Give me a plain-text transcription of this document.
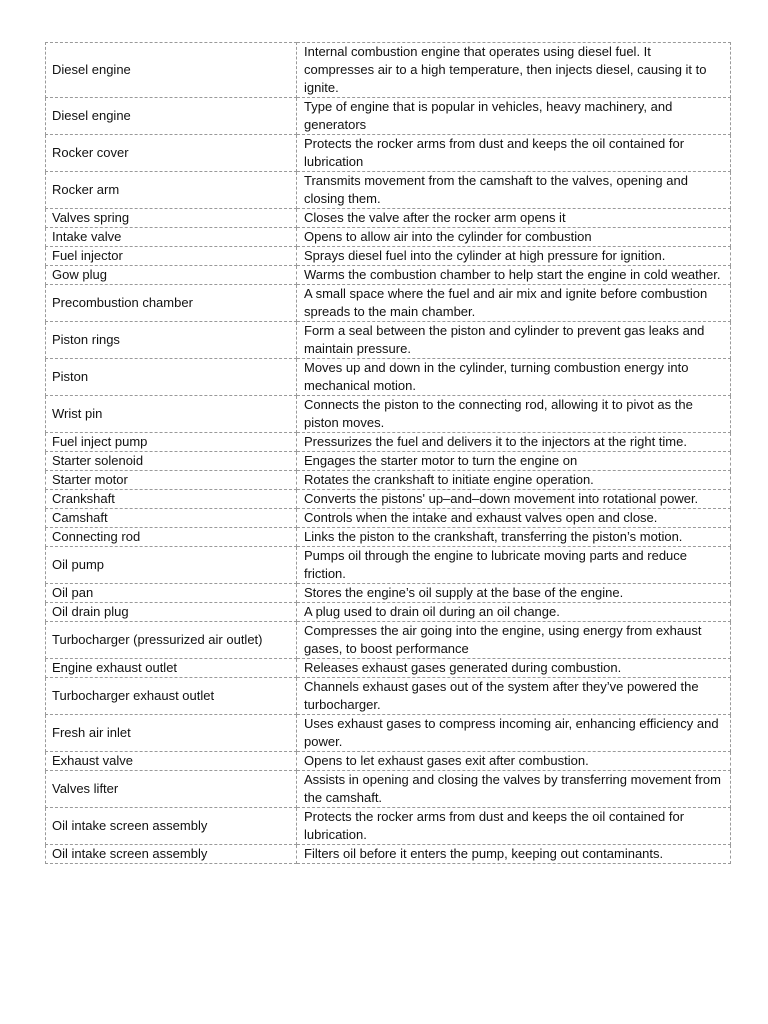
Diesel engine	Internal combustion engine that operates using diesel fuel. It compresses air to a high temperature, then injects diesel, causing it to ignite.
Diesel engine	Type of engine that is popular in vehicles, heavy machinery, and generators
Rocker cover	Protects the rocker arms from dust and keeps the oil contained for lubrication
Rocker arm	Transmits movement from the camshaft to the valves, opening and closing them.
Valves spring	Closes the valve after the rocker arm opens it
Intake valve	Opens to allow air into the cylinder for combustion
Fuel injector	Sprays diesel fuel into the cylinder at high pressure for ignition.
Gow plug	Warms the combustion chamber to help start the engine in cold weather.
Precombustion chamber	A small space where the fuel and air mix and ignite before combustion spreads to the main chamber.
Piston rings	Form a seal between the piston and cylinder to prevent gas leaks and maintain pressure.
Piston	Moves up and down in the cylinder, turning combustion energy into mechanical motion.
Wrist pin	Connects the piston to the connecting rod, allowing it to pivot as the piston moves.
Fuel inject pump	Pressurizes the fuel and delivers it to the injectors at the right time.
Starter solenoid	Engages the starter motor to turn the engine on
Starter motor	Rotates the crankshaft to initiate engine operation.
Crankshaft	Converts the pistons' up–and–down movement into rotational power.
Camshaft	Controls when the intake and exhaust valves open and close.
Connecting rod	Links the piston to the crankshaft, transferring the piston’s motion.
Oil pump	Pumps oil through the engine to lubricate moving parts and reduce friction.
Oil pan	Stores the engine’s oil supply at the base of the engine.
Oil drain plug	A plug used to drain oil during an oil change.
Turbocharger (pressurized air outlet)	Compresses the air going into the engine, using energy from exhaust gases, to boost performance
Engine exhaust outlet	Releases exhaust gases generated during combustion.
Turbocharger exhaust outlet	Channels exhaust gases out of the system after they’ve powered the turbocharger.
Fresh air inlet	Uses exhaust gases to compress incoming air, enhancing efficiency and power.
Exhaust valve	Opens to let exhaust gases exit after combustion.
Valves lifter	Assists in opening and closing the valves by transferring movement from the camshaft.
Oil intake screen assembly	Protects the rocker arms from dust and keeps the oil contained for lubrication.
Oil intake screen assembly	Filters oil before it enters the pump, keeping out contaminants.
